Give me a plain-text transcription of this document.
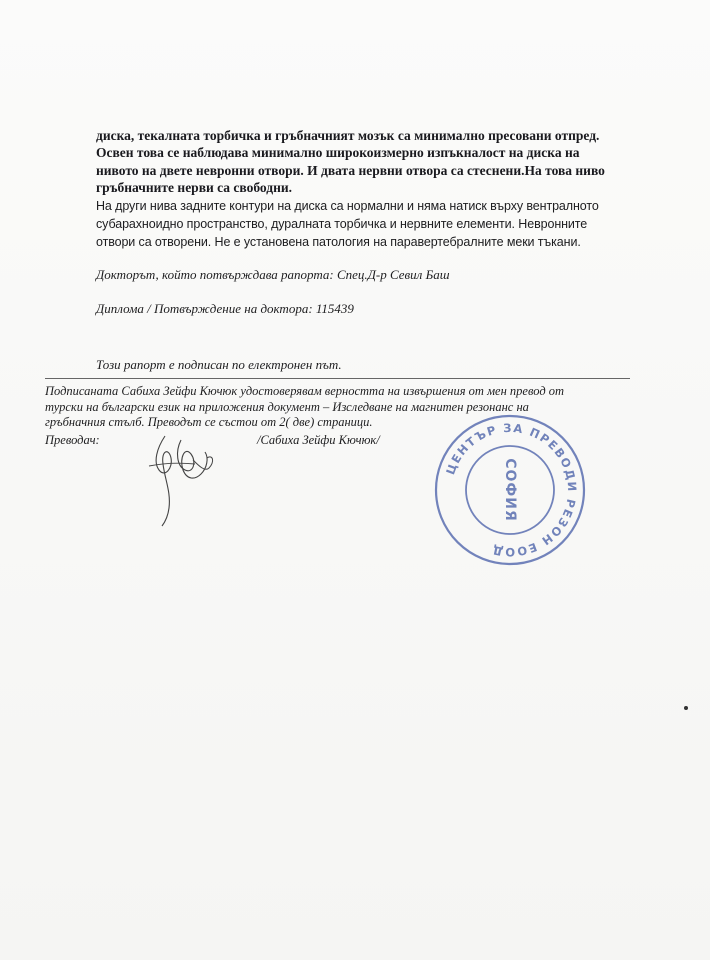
диска, текалната торбичка и гръбначният мозък са минимално пресовани отпред.
Освен това се наблюдава минимално широкоизмерно изпъкналост на диска на
нивото на двете невронни отвори. И двата нервни отвора са стеснени.На това ниво
гръбначните нерви са свободни.
На други нива задните контури на диска са нормални и няма натиск върху вентралното
субарахноидно пространство, дуралната торбичка и нервните елементи. Невронните
отвори са отворени. Не е установена патология на паравертебралните меки тъкани.
Докторът, който потвърждава рапорта: Спец.Д-р Севил Баш
Диплома / Потвърждение на доктора: 115439
Този рапорт е подписан по електронен път.
Подписаната Сабиха Зейфи Кючюк удостоверявам верността на извършения от мен превод от
турски на български език на приложения документ – Изследване на магнитен резонанс на
гръбначния стълб. Преводът се състои от 2( две) страници.
Преводач:	/Сабиха Зейфи Кючюк/
ЦЕНТЪР ЗА ПРЕВОДИ РЕЗОН ЕООД
СОФИЯ
